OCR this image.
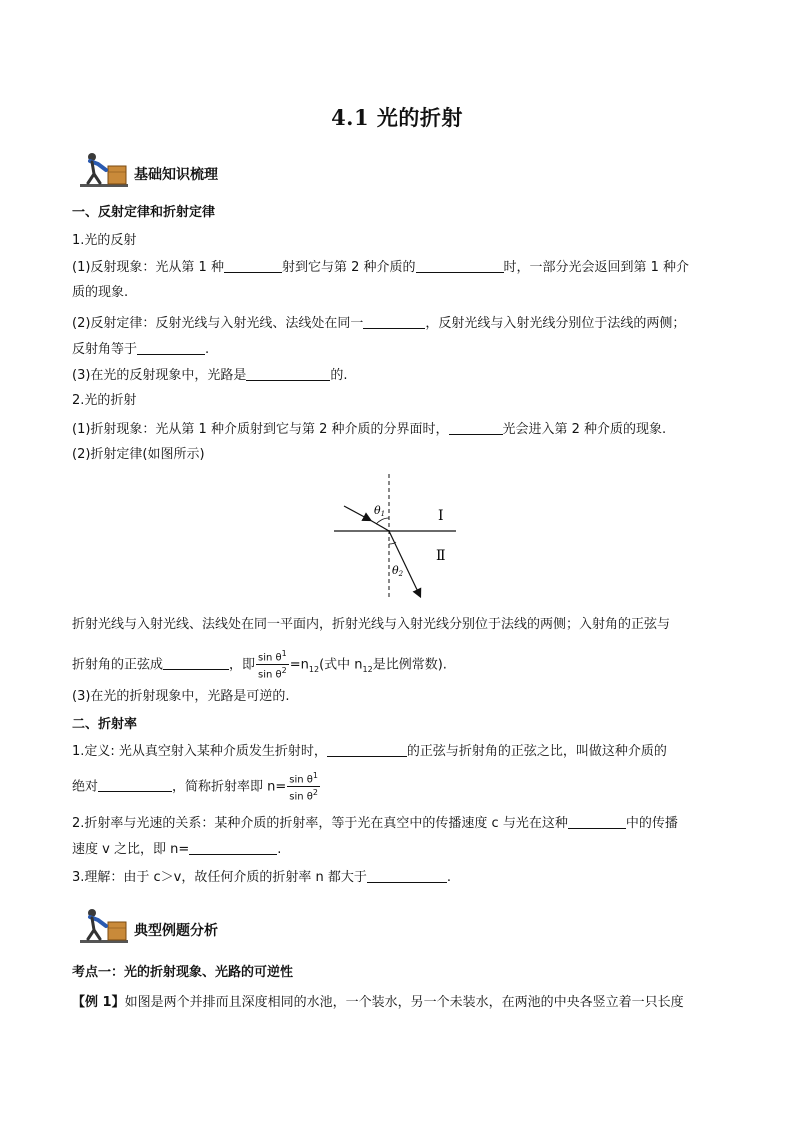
4.1 光的折射
基础知识梳理
一、反射定律和折射定律
1.光的反射
(1)反射现象：光从第 1 种	射到它与第 2 种介质的	时，一部分光会返回到第 1 种介
质的现象.
(2)反射定律：反射光线与入射光线、法线处在同一	，反射光线与入射光线分别位于法线的两侧；
反射角等于	.
(3)在光的反射现象中，光路是	的.
2.光的折射
(1)折射现象：光从第 1 种介质射到它与第 2 种介质的分界面时，	光会进入第 2 种介质的现象.
(2)折射定律(如图所示)
θ1
θ2
Ⅰ
Ⅱ
折射光线与入射光线、法线处在同一平面内，折射光线与入射光线分别位于法线的两侧；入射角的正弦与
折射角的正弦成	，即 $\frac{\sin \theta^1}{\sin \theta^2} =n_{12}$(式中 $n_{12}$是比例常数).
(3)在光的折射现象中，光路是可逆的.
二、折射率
1.定义: 光从真空射入某种介质发生折射时，	的正弦与折射角的正弦之比，叫做这种介质的
绝对	，简称折射率即 $n= \frac{\sin \theta^1}{\sin \theta^2}$
2.折射率与光速的关系：某种介质的折射率，等于光在真空中的传播速度 c 与光在这种	中的传播
速度 v 之比，即 n=	.
3.理解：由于 c＞v，故任何介质的折射率 n 都大于	.
典型例题分析
考点一：光的折射现象、光路的可逆性
【例 1】如图是两个并排而且深度相同的水池，一个装水，另一个未装水，在两池的中央各竖立着一只长度
